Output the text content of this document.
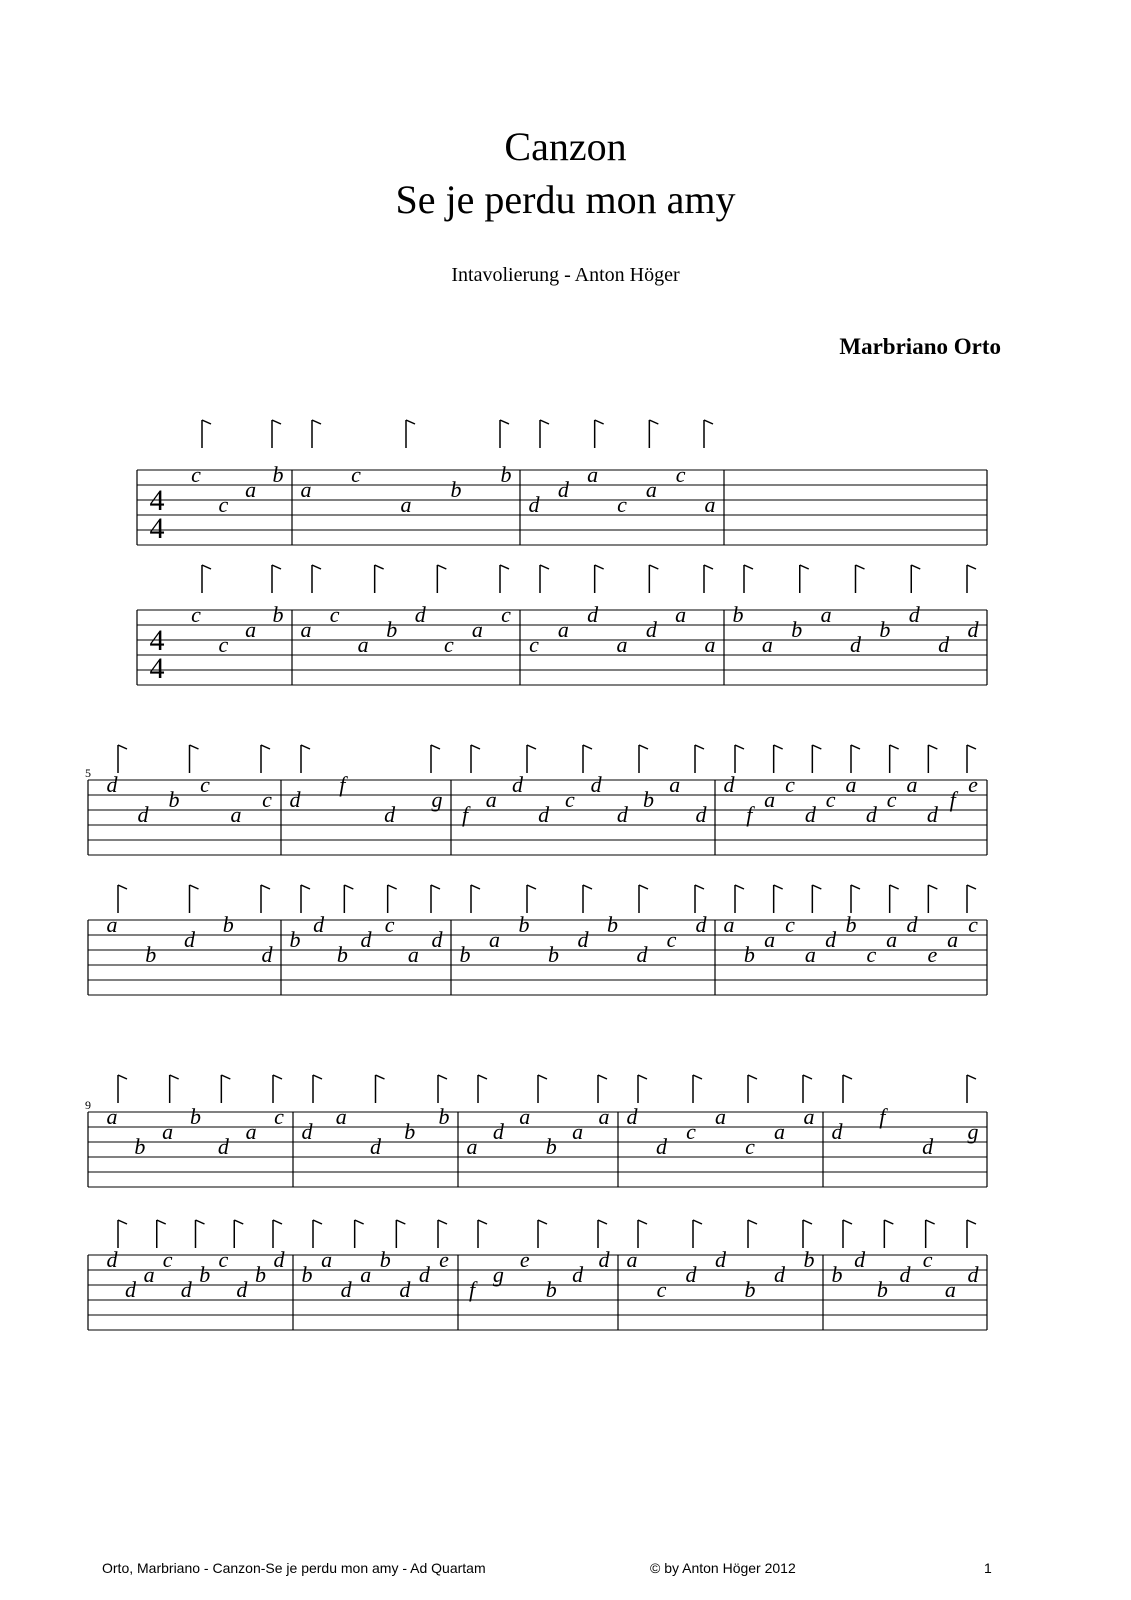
Canzon
Se je perdu mon amy
Intavolierung - Anton Höger
Marbriano Orto
4
4
c
c
a
b
a
c
a
b
b
d
d
a
c
a
c
a
4
4
c
c
a
b
a
c
a
b
d
c
a
c
c
a
d
a
d
a
a
b
a
b
a
d
b
d
d
d
5 d
d
b
c
a
c d
f
d
g
f
a
d
d
c
d
d
b
a
d
d
f
a
c
d
c
a
d
c
a
d
f
e
a
b
d
b
d
b
d
b
d
c
a
d
b
a
b
b
d
b
d
c
d a
b
a
c
a
d
b
c
a
d
e
a
c
9 a
b
a
b
d
a
c
d
a
d
b
b
a
d
a
b
a
a d
d
c
a
c
a
a
d
f
d
g
d
d
a
c
d
b
c
d
b
d
b
a
d
a
b
d
d
e
f
g
e
b
d
d a
c
d
d
b
d
b
b
d
b
d
c
a
d
Orto, Marbriano - Canzon-Se je perdu mon amy - Ad Quartam	© by Anton Höger 2012	1
